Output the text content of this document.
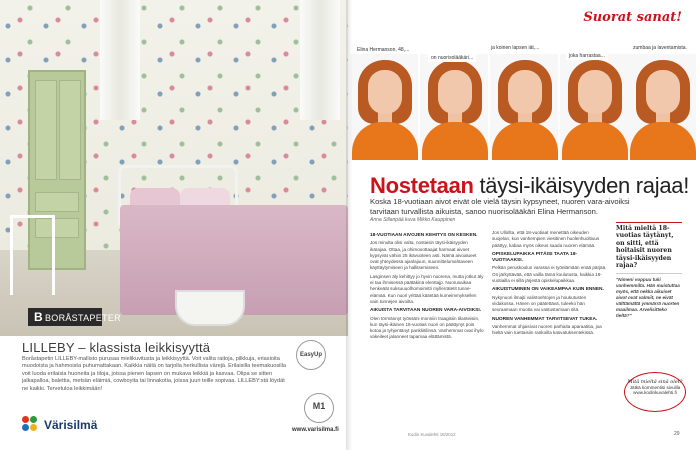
B BORÅSTAPETER
LILLEBY – klassista leikkisyyttä
Boråstapetin LILLEBY-mallisto purusaa mielikuvitusta ja leikkisyyttä. Voit valita raitoja, pilkkuja, eriasioita muodoista ja hahmoista puhumattakaan. Kaikkia näitä on tarjolla herkullisia värejä. Erilaisilla teemakuosilla voit luoda erilaisia huoneita ja tiloja, joissa pienen lapsen on mukava leikkiä ja kasvaa. Olipa se sitten jalkapalloa, balettia, metsän eläimiä, cowboyita tai linnakotia, joissa juuri teille sopivaa. LILLEBY:stä löydät ne kaikki. Tervetuloa leikkimään!
EasyUp
M1
Värisilmä	www.varisilma.fi
Suorat sanat!
Elina Hermanson, 48,...
on nuorisolääkäri...
ja koinen lapsen iät,...
joka harrastaa...
zumbaa ja laventamista.
Nostetaan täysi-ikäisyyden rajaa!
Koska 18-vuotiaan aivot eivät ole vielä täysin kypsyneet, nuoren vara-aivoiksi tarvitaan turvallista aikuista, sanoo nuorisolääkäri Elina Hermanson.
Anna Sillanpää kuva Mikko Kauppinen
18-VUOTIAAN AIVOJEN KEHITYS ON KESKEN.

Jos minulta olisi valta, nostaisin täysi-ikäisyyden ikärajaa. Ottaa, ja ohimooottaajat harmaat aivoet kypsyvät vähiin 25 ikävuoteen asti. Nämä aivoalueet ovat yhteydessä ajanlajuun, suunnittelumahtaveen käyttäytymiseen ja hallitsemiseen.

Lasginsen äly kehittyy jo hyvin nuorena, mutta jotkut äly ei taa ihmisessä päätäkinä elenttajp. Nuorusaikaa henkeäät suksuuuolhomoimitti myllerrätetit tunne-elämää. Kun nuori yrittää kääntää kumeimmyksellen vain tunnejen aivoilta.

AIKUISTA TARVITAAN NUOREN VARA-AIVOIKSI.

Olen törmännyt työssäni monniin traagisiin tilanteisiin, kun täysi-ikäinen 18-vuotias nuori on päättynyt pois kotoa ja tyhjentänyt pankkitilinsä. Vanhemmat ovat ihylo vakeileet jalanneet tapamaa elättämistä.

Jos Ullollta, että 18-vuotiaat menettää oikeuden suojelan, kun vanhempien viesitinen huolenhuoltiuus päättyy, kabaa myös oikeus saada nuoren elämää.

OPISKELUPAIKKA PITÄISI TAATA 18-VUOTIAAKSI.

Pelkän peruskoulun varassa ei työelämään enää pärjää. On järkyttävää, että vailla tämä koulutusta, kaikkia 16-vuotiailla ei sillä järjestä opiskelupaikkaa.

AIKUISTUMINEN ON VAIKEAMPAA KUIN ENNEN.

Nykynuori ilmajti valintoehtojen ja houkutusten viidakossa. Hänen on päätettävä, tuleeko hän seuraamaan muotia vai vastustamaan sitä.

NUOREN VANHEMMAT TARVITSEVAT TUKEA.

Vanhemmat ohjaisivat nuoren parhaita aparaatitia, joa hieltä vain tuettaisiin rankoilla kasvatuksentekissä.

Mitä mieltä 18-vuotias täytänyt, on sitti, että hoitaisit nuoren täysi-ikäisyyden rajaa?
"Nimeni voppuu tuki vanhemmilta. Hän muistuttaa myös, että nekka aikuiset aivot ovat valmiit, ne eivät välttämättä ymmärrä nuorten maailmaa. Arvelisitteko tieltä?"
Mitä mieltä sinä olet?
Jätkä kommentisi sivuilla www.kodinkuvalehti.fi
Kodin Kuvalehti 18/2012	29
